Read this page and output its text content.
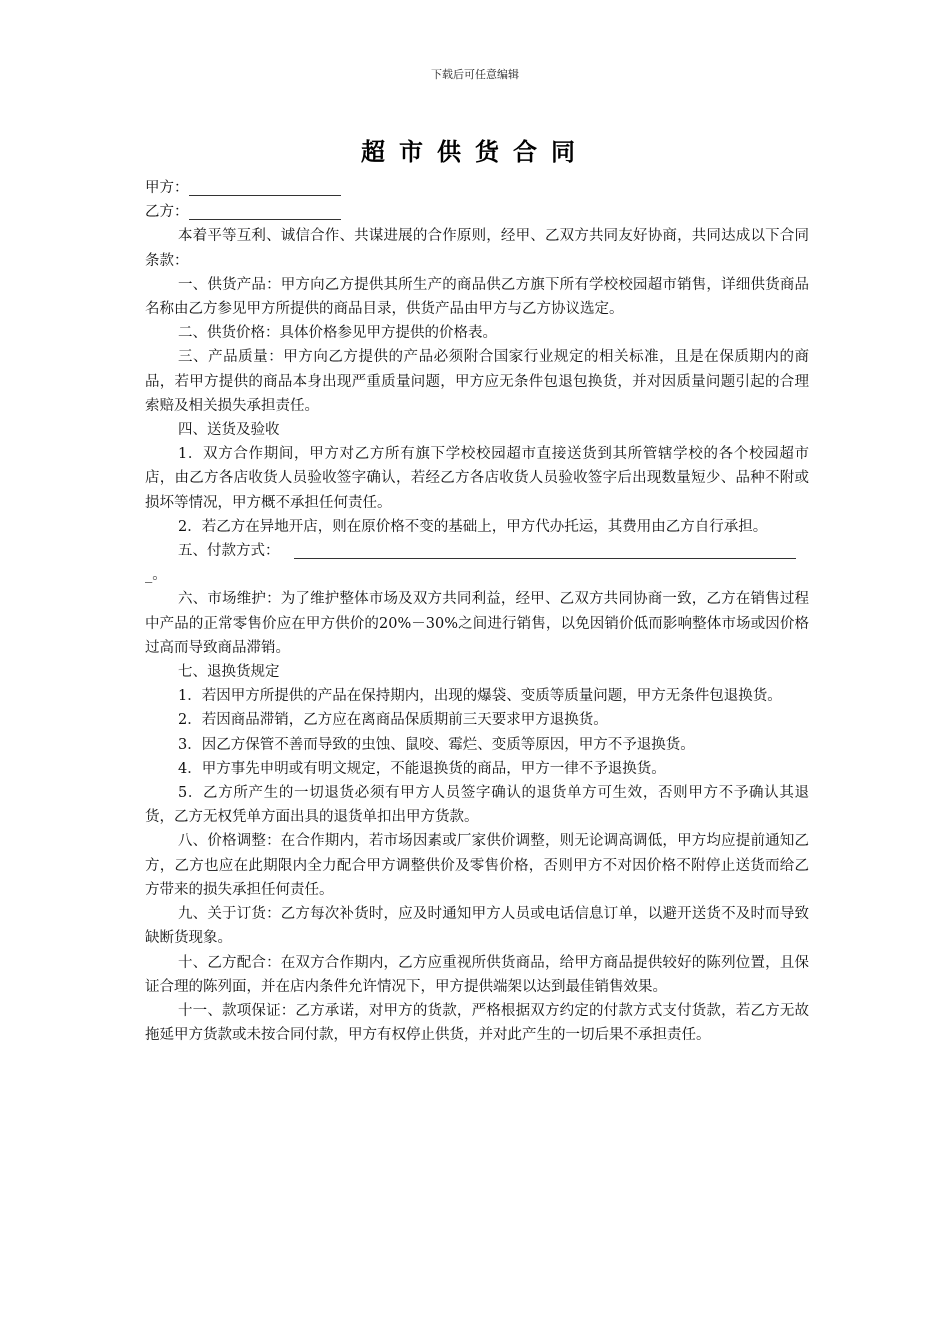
下载后可任意编辑
超市供货合同

甲方：

乙方：

本着平等互利、诚信合作、共谋进展的合作原则，经甲、乙双方共同友好协商，共同达成以下合同条款：

一、供货产品：甲方向乙方提供其所生产的商品供乙方旗下所有学校校园超市销售，详细供货商品名称由乙方参见甲方所提供的商品目录，供货产品由甲方与乙方协议选定。

二、供货价格：具体价格参见甲方提供的价格表。

三、产品质量：甲方向乙方提供的产品必须附合国家行业规定的相关标准，且是在保质期内的商品，若甲方提供的商品本身出现严重质量问题，甲方应无条件包退包换货，并对因质量问题引起的合理索赔及相关损失承担责任。

四、送货及验收

1．双方合作期间，甲方对乙方所有旗下学校校园超市直接送货到其所管辖学校的各个校园超市店，由乙方各店收货人员验收签字确认，若经乙方各店收货人员验收签字后出现数量短少、品种不附或损坏等情况，甲方概不承担任何责任。

2．若乙方在异地开店，则在原价格不变的基础上，甲方代办托运，其费用由乙方自行承担。

五、付款方式：

_。

六、市场维护：为了维护整体市场及双方共同利益，经甲、乙双方共同协商一致，乙方在销售过程中产品的正常零售价应在甲方供价的20%－30%之间进行销售，以免因销价低而影响整体市场或因价格过高而导致商品滞销。

七、退换货规定

1．若因甲方所提供的产品在保持期内，出现的爆袋、变质等质量问题，甲方无条件包退换货。

2．若因商品滞销，乙方应在离商品保质期前三天要求甲方退换货。

3．因乙方保管不善而导致的虫蚀、鼠咬、霉烂、变质等原因，甲方不予退换货。

4．甲方事先申明或有明文规定，不能退换货的商品，甲方一律不予退换货。

5．乙方所产生的一切退货必须有甲方人员签字确认的退货单方可生效，否则甲方不予确认其退货，乙方无权凭单方面出具的退货单扣出甲方货款。

八、价格调整：在合作期内，若市场因素或厂家供价调整，则无论调高调低，甲方均应提前通知乙方，乙方也应在此期限内全力配合甲方调整供价及零售价格，否则甲方不对因价格不附停止送货而给乙方带来的损失承担任何责任。

九、关于订货：乙方每次补货时，应及时通知甲方人员或电话信息订单，以避开送货不及时而导致缺断货现象。

十、乙方配合：在双方合作期内，乙方应重视所供货商品，给甲方商品提供较好的陈列位置，且保证合理的陈列面，并在店内条件允许情况下，甲方提供端架以达到最佳销售效果。

十一、款项保证：乙方承诺，对甲方的货款，严格根据双方约定的付款方式支付货款，若乙方无故拖延甲方货款或未按合同付款，甲方有权停止供货，并对此产生的一切后果不承担责任。
